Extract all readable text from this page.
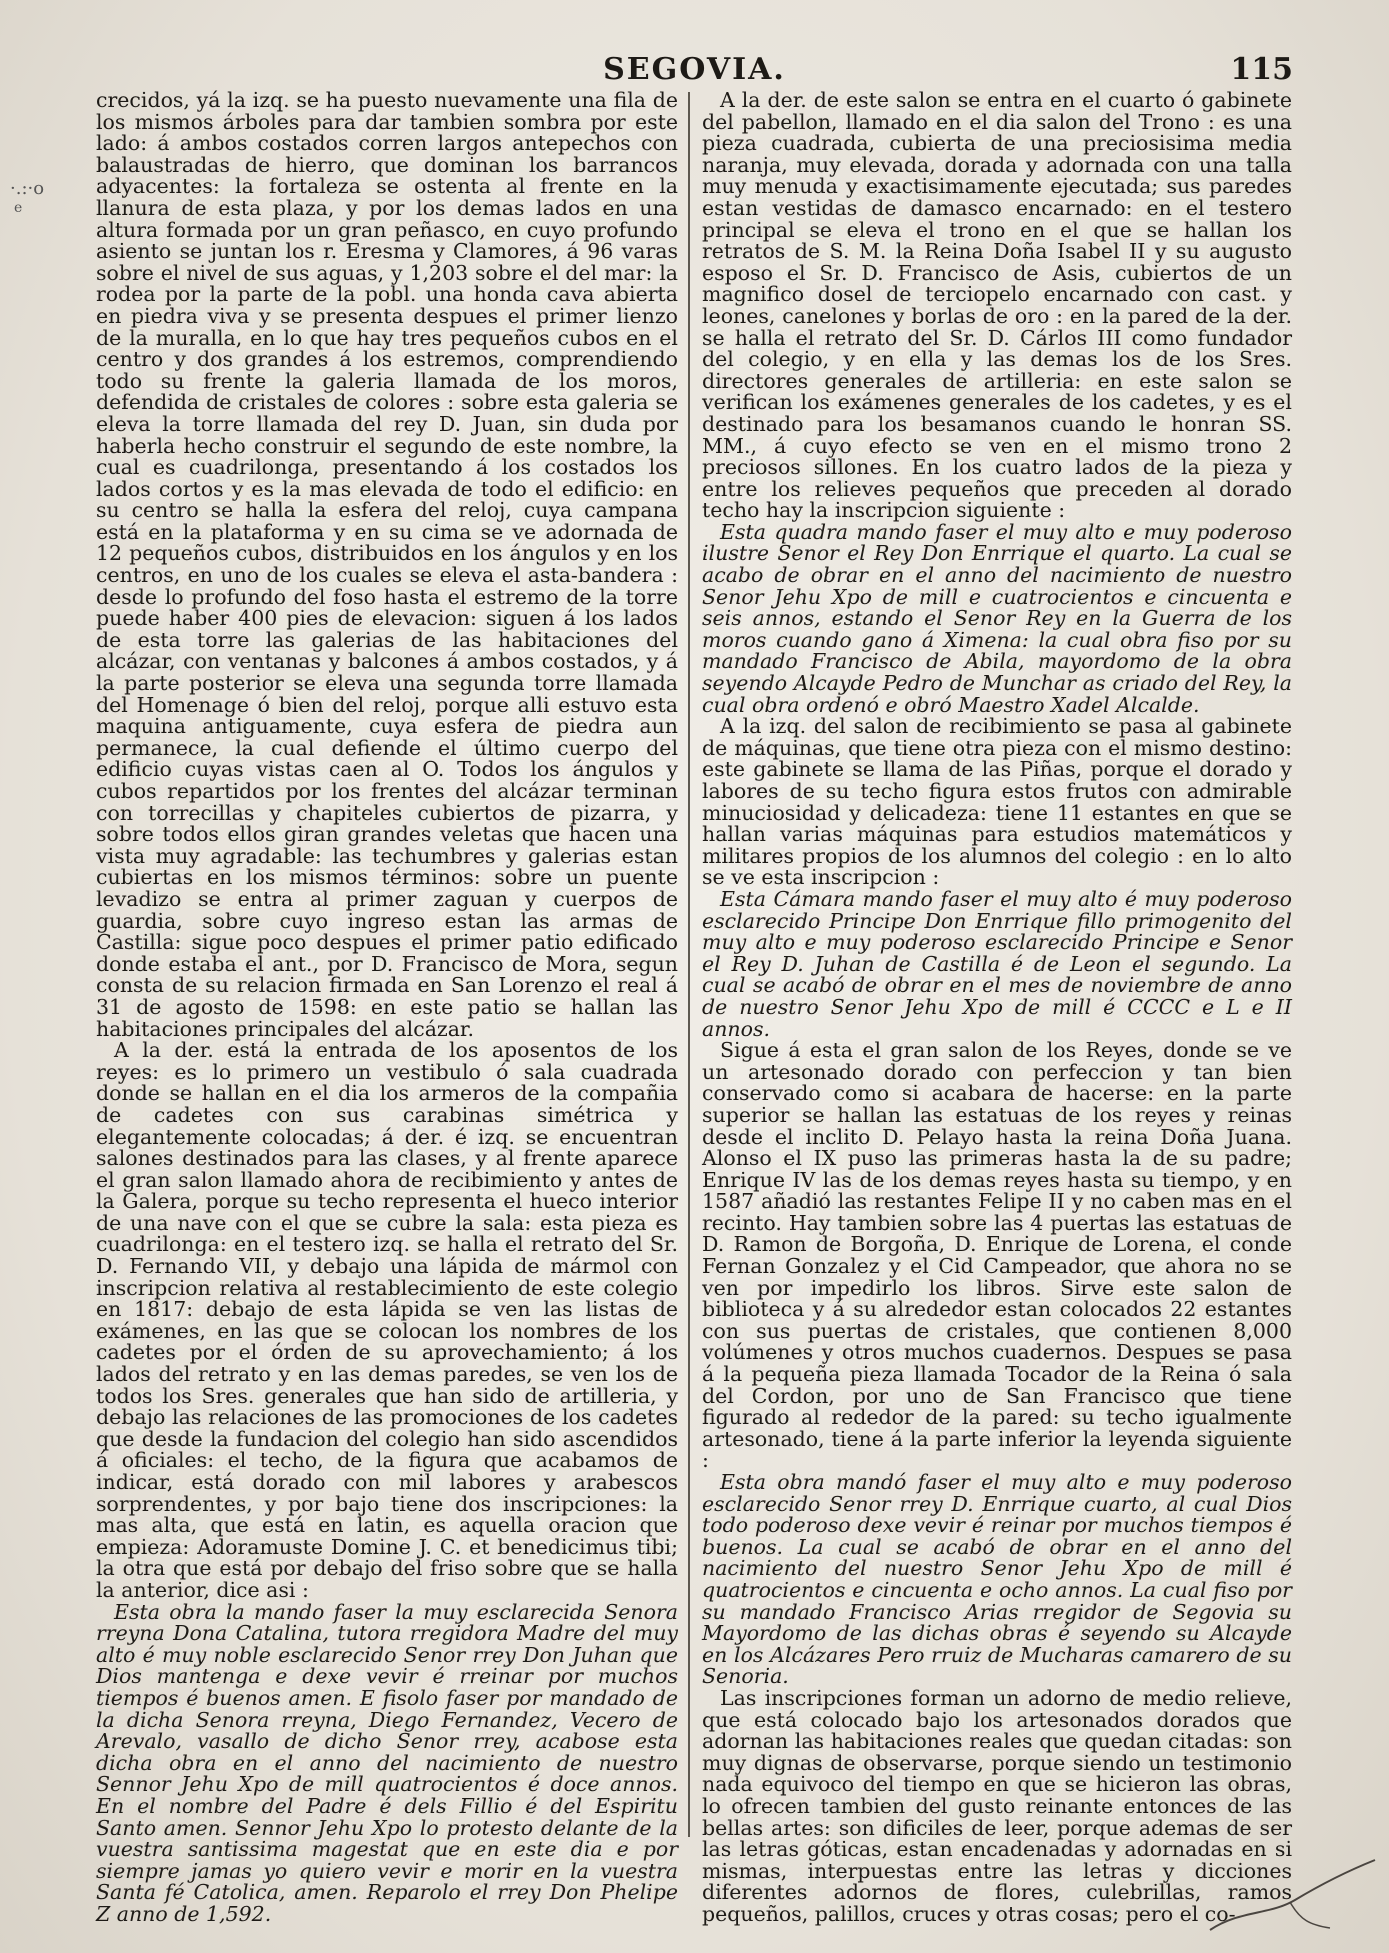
SEGOVIA.	115
·.:·o
e

crecidos, yá la izq. se ha puesto nuevamente una fila de los mismos árboles para dar tambien sombra por este lado: á ambos costados corren largos antepechos con balaustradas de hierro, que dominan los barrancos adyacentes: la fortaleza se ostenta al frente en la llanura de esta plaza, y por los demas lados en una altura formada por un gran peñasco, en cuyo profundo asiento se juntan los r. Eresma y Clamores, á 96 varas sobre el nivel de sus aguas, y 1,203 sobre el del mar: la rodea por la parte de la pobl. una honda cava abierta en piedra viva y se presenta despues el primer lienzo de la muralla, en lo que hay tres pequeños cubos en el centro y dos grandes á los estremos, comprendiendo todo su frente la galeria llamada de los moros, defendida de cristales de colores : sobre esta galeria se eleva la torre llamada del rey D. Juan, sin duda por haberla hecho construir el segundo de este nombre, la cual es cuadrilonga, presentando á los costados los lados cortos y es la mas elevada de todo el edificio: en su centro se halla la esfera del reloj, cuya campana está en la plataforma y en su cima se ve adornada de 12 pequeños cubos, distribuidos en los ángulos y en los centros, en uno de los cuales se eleva el asta-bandera : desde lo profundo del foso hasta el estremo de la torre puede haber 400 pies de elevacion: siguen á los lados de esta torre las galerias de las habitaciones del alcázar, con ventanas y balcones á ambos costados, y á la parte posterior se eleva una segunda torre llamada del Homenage ó bien del reloj, porque alli estuvo esta maquina antiguamente, cuya esfera de piedra aun permanece, la cual defiende el último cuerpo del edificio cuyas vistas caen al O. Todos los ángulos y cubos repartidos por los frentes del alcázar terminan con torrecillas y chapiteles cubiertos de pizarra, y sobre todos ellos giran grandes veletas que hacen una vista muy agradable: las techumbres y galerias estan cubiertas en los mismos términos: sobre un puente levadizo se entra al primer zaguan y cuerpos de guardia, sobre cuyo ingreso estan las armas de Castilla: sigue poco despues el primer patio edificado donde estaba el ant., por D. Francisco de Mora, segun consta de su relacion firmada en San Lorenzo el real á 31 de agosto de 1598: en este patio se hallan las habitaciones principales del alcázar.

A la der. está la entrada de los aposentos de los reyes: es lo primero un vestibulo ó sala cuadrada donde se hallan en el dia los armeros de la compañia de cadetes con sus carabinas simétrica y elegantemente colocadas; á der. é izq. se encuentran salones destinados para las clases, y al frente aparece el gran salon llamado ahora de recibimiento y antes de la Galera, porque su techo representa el hueco interior de una nave con el que se cubre la sala: esta pieza es cuadrilonga: en el testero izq. se halla el retrato del Sr. D. Fernando VII, y debajo una lápida de mármol con inscripcion relativa al restablecimiento de este colegio en 1817: debajo de esta lápida se ven las listas de exámenes, en las que se colocan los nombres de los cadetes por el órden de su aprovechamiento; á los lados del retrato y en las demas paredes, se ven los de todos los Sres. generales que han sido de artilleria, y debajo las relaciones de las promociones de los cadetes que desde la fundacion del colegio han sido ascendidos á oficiales: el techo, de la figura que acabamos de indicar, está dorado con mil labores y arabescos sorprendentes, y por bajo tiene dos inscripciones: la mas alta, que está en latin, es aquella oracion que empieza: Adoramuste Domine J. C. et benedicimus tibi; la otra que está por debajo del friso sobre que se halla la anterior, dice asi :

Esta obra la mando faser la muy esclarecida Senora rreyna Dona Catalina, tutora rregidora Madre del muy alto é muy noble esclarecido Senor rrey Don Juhan que Dios mantenga e dexe vevir é rreinar por muchos tiempos é buenos amen. E fisolo faser por mandado de la dicha Senora rreyna, Diego Fernandez, Vecero de Arevalo, vasallo de dicho Senor rrey, acabose esta dicha obra en el anno del nacimiento de nuestro Sennor Jehu Xpo de mill quatrocientos é doce annos. En el nombre del Padre é dels Fillio é del Espiritu Santo amen. Sennor Jehu Xpo lo protesto delante de la vuestra santissima magestat que en este dia e por siempre jamas yo quiero vevir e morir en la vuestra Santa fé Catolica, amen. Reparolo el rrey Don Phelipe Z anno de 1,592.

A la der. de este salon se entra en el cuarto ó gabinete del pabellon, llamado en el dia salon del Trono : es una pieza cuadrada, cubierta de una preciosisima media naranja, muy elevada, dorada y adornada con una talla muy menuda y exactisimamente ejecutada; sus paredes estan vestidas de damasco encarnado: en el testero principal se eleva el trono en el que se hallan los retratos de S. M. la Reina Doña Isabel II y su augusto esposo el Sr. D. Francisco de Asis, cubiertos de un magnifico dosel de terciopelo encarnado con cast. y leones, canelones y borlas de oro : en la pared de la der. se halla el retrato del Sr. D. Cárlos III como fundador del colegio, y en ella y las demas los de los Sres. directores generales de artilleria: en este salon se verifican los exámenes generales de los cadetes, y es el destinado para los besamanos cuando le honran SS. MM., á cuyo efecto se ven en el mismo trono 2 preciosos sillones. En los cuatro lados de la pieza y entre los relieves pequeños que preceden al dorado techo hay la inscripcion siguiente :

Esta quadra mando faser el muy alto e muy poderoso ilustre Senor el Rey Don Enrrique el quarto. La cual se acabo de obrar en el anno del nacimiento de nuestro Senor Jehu Xpo de mill e cuatrocientos e cincuenta e seis annos, estando el Senor Rey en la Guerra de los moros cuando gano á Ximena: la cual obra fiso por su mandado Francisco de Abila, mayordomo de la obra seyendo Alcayde Pedro de Munchar as criado del Rey, la cual obra ordenó e obró Maestro Xadel Alcalde.

A la izq. del salon de recibimiento se pasa al gabinete de máquinas, que tiene otra pieza con el mismo destino: este gabinete se llama de las Piñas, porque el dorado y labores de su techo figura estos frutos con admirable minuciosidad y delicadeza: tiene 11 estantes en que se hallan varias máquinas para estudios matemáticos y militares propios de los alumnos del colegio : en lo alto se ve esta inscripcion :

Esta Cámara mando faser el muy alto é muy poderoso esclarecido Principe Don Enrrique fillo primogenito del muy alto e muy poderoso esclarecido Principe e Senor el Rey D. Juhan de Castilla é de Leon el segundo. La cual se acabó de obrar en el mes de noviembre de anno de nuestro Senor Jehu Xpo de mill é CCCC e L e II annos.

Sigue á esta el gran salon de los Reyes, donde se ve un artesonado dorado con perfeccion y tan bien conservado como si acabara de hacerse: en la parte superior se hallan las estatuas de los reyes y reinas desde el inclito D. Pelayo hasta la reina Doña Juana. Alonso el IX puso las primeras hasta la de su padre; Enrique IV las de los demas reyes hasta su tiempo, y en 1587 añadió las restantes Felipe II y no caben mas en el recinto. Hay tambien sobre las 4 puertas las estatuas de D. Ramon de Borgoña, D. Enrique de Lorena, el conde Fernan Gonzalez y el Cid Campeador, que ahora no se ven por impedirlo los libros. Sirve este salon de biblioteca y á su alrededor estan colocados 22 estantes con sus puertas de cristales, que contienen 8,000 volúmenes y otros muchos cuadernos. Despues se pasa á la pequeña pieza llamada Tocador de la Reina ó sala del Cordon, por uno de San Francisco que tiene figurado al rededor de la pared: su techo igualmente artesonado, tiene á la parte inferior la leyenda siguiente :

Esta obra mandó faser el muy alto e muy poderoso esclarecido Senor rrey D. Enrrique cuarto, al cual Dios todo poderoso dexe vevir é reinar por muchos tiempos é buenos. La cual se acabó de obrar en el anno del nacimiento del nuestro Senor Jehu Xpo de mill é quatrocientos e cincuenta e ocho annos. La cual fiso por su mandado Francisco Arias rregidor de Segovia su Mayordomo de las dichas obras é seyendo su Alcayde en los Alcázares Pero rruiz de Mucharas camarero de su Senoria.

Las inscripciones forman un adorno de medio relieve, que está colocado bajo los artesonados dorados que adornan las habitaciones reales que quedan citadas: son muy dignas de observarse, porque siendo un testimonio nada equivoco del tiempo en que se hicieron las obras, lo ofrecen tambien del gusto reinante entonces de las bellas artes: son dificiles de leer, porque ademas de ser las letras góticas, estan encadenadas y adornadas en si mismas, interpuestas entre las letras y dicciones diferentes adornos de flores, culebrillas, ramos pequeños, palillos, cruces y otras cosas; pero el co-
